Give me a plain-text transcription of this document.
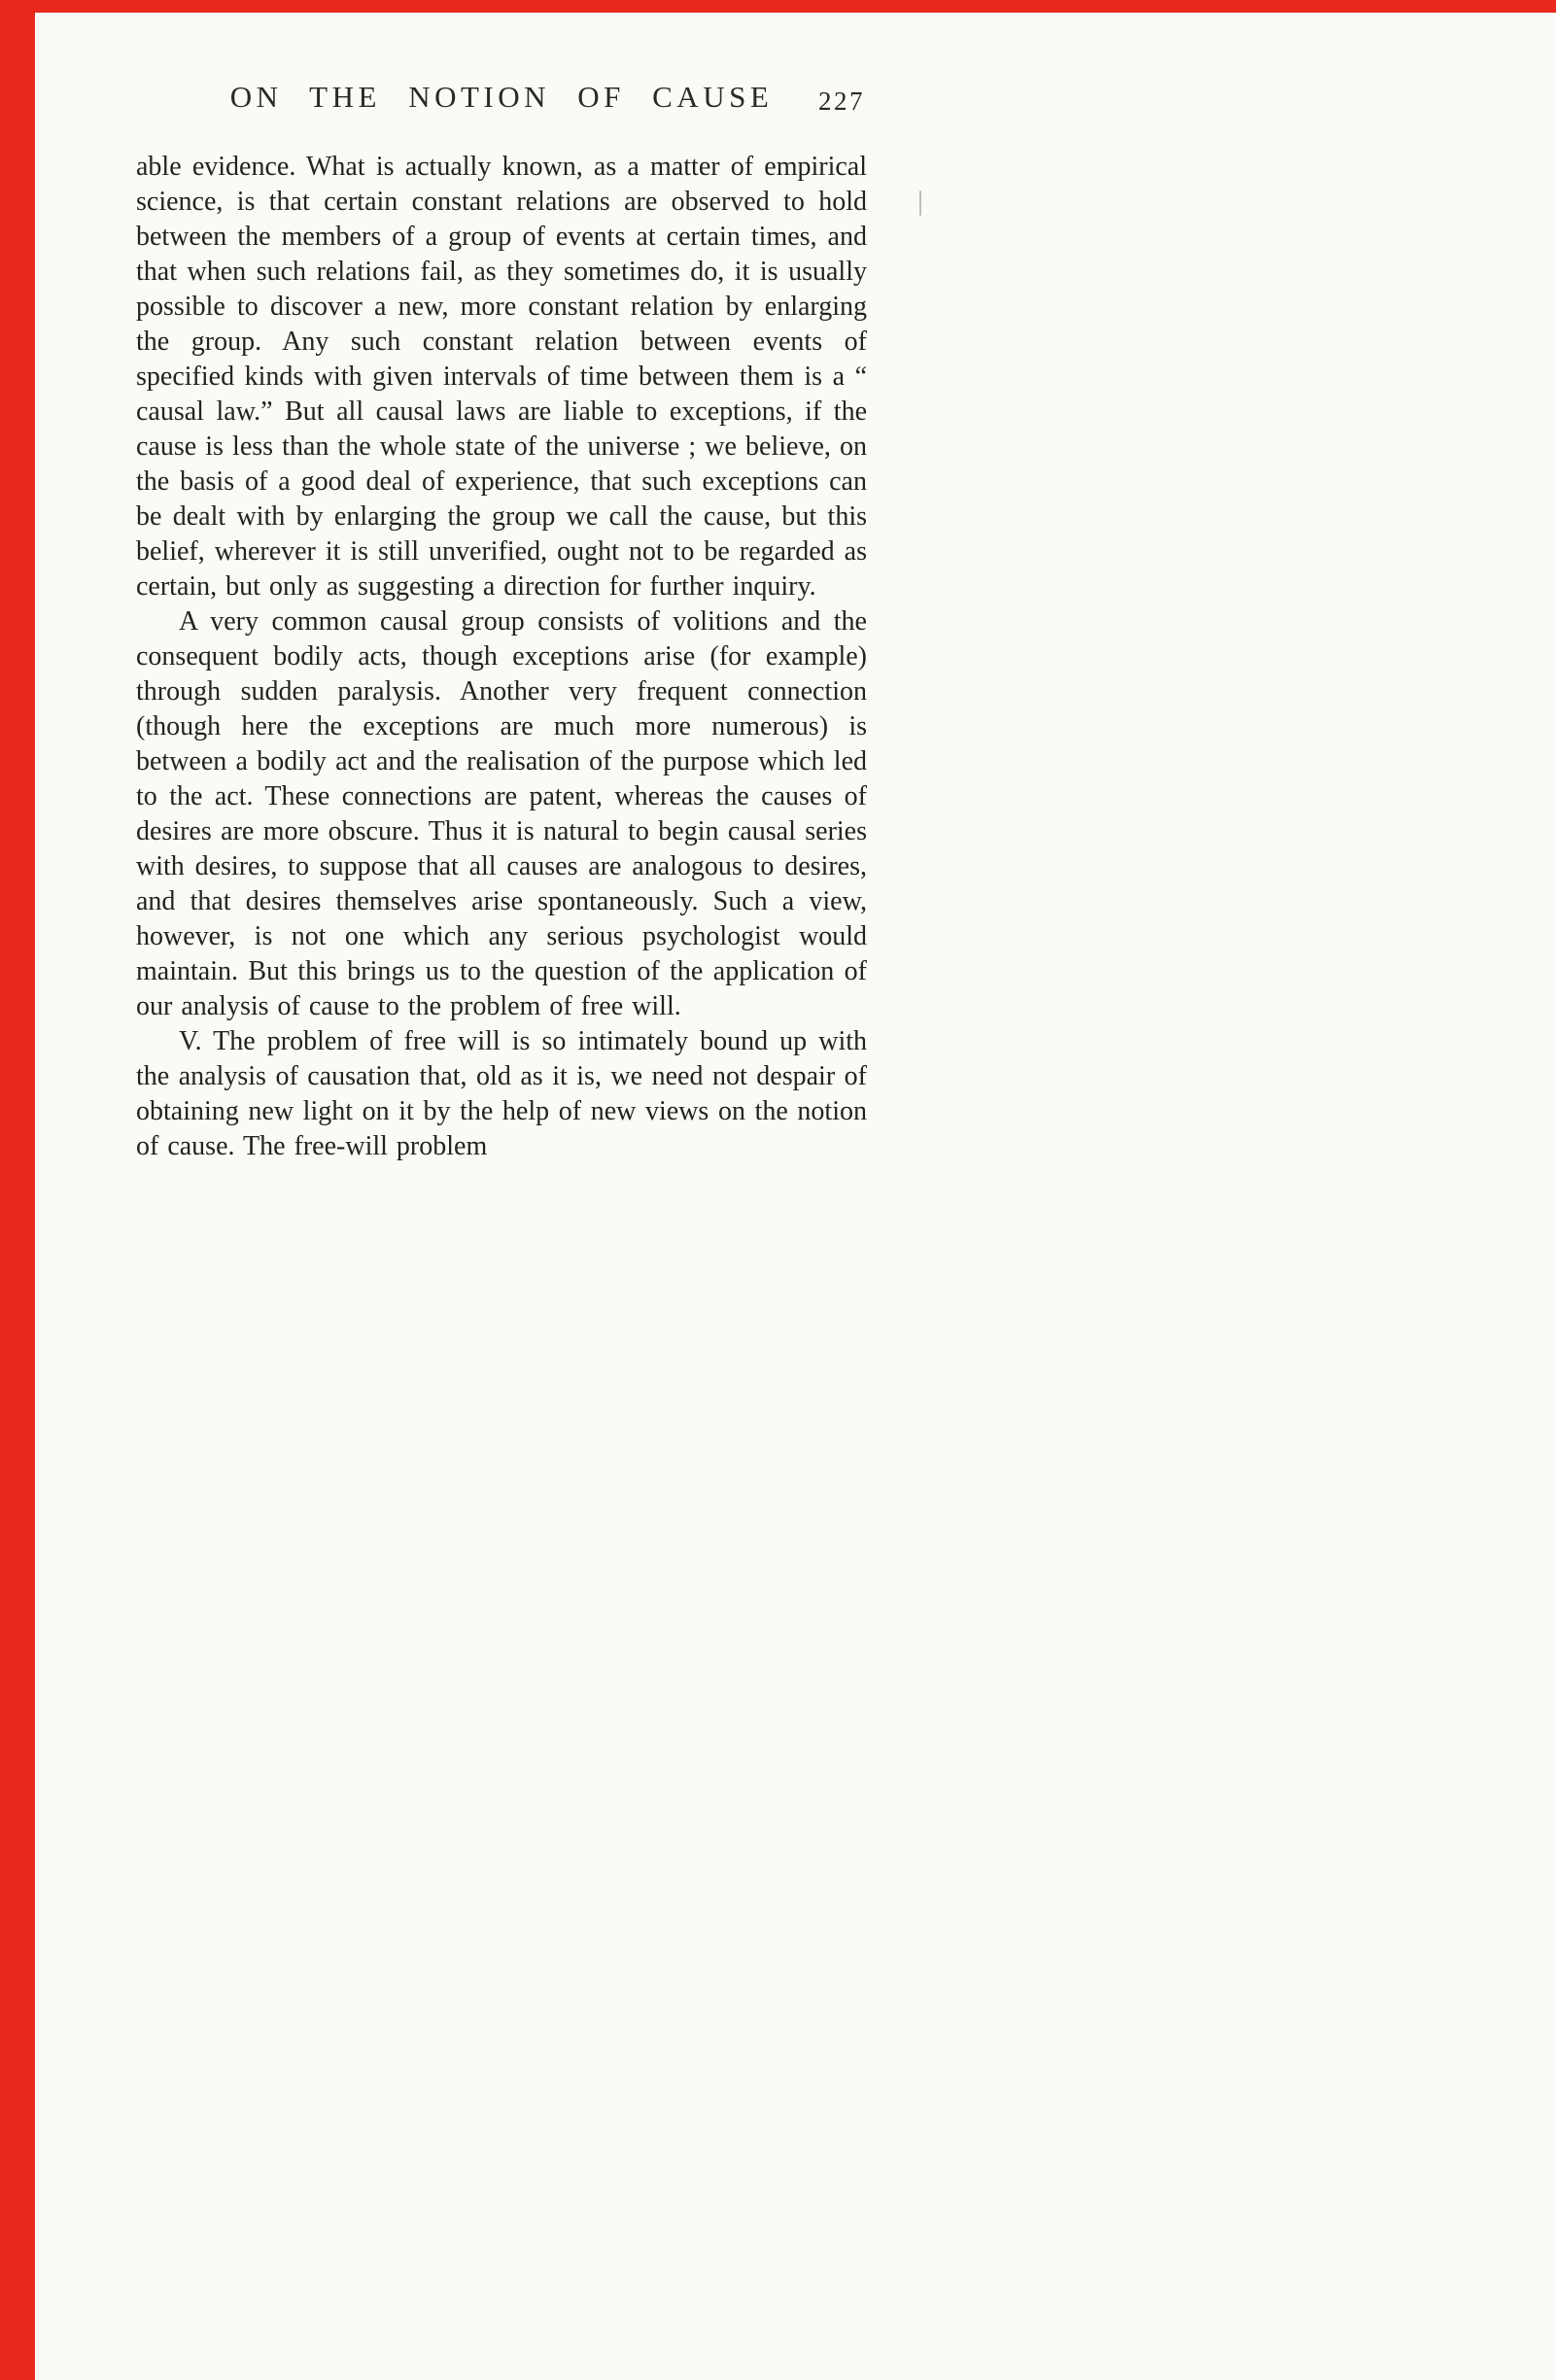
ON THE NOTION OF CAUSE	227

able evidence. What is actually known, as a matter of empirical science, is that certain constant relations are observed to hold between the members of a group of events at certain times, and that when such relations fail, as they sometimes do, it is usually possible to discover a new, more constant relation by enlarging the group. Any such constant relation between events of specified kinds with given intervals of time between them is a “ causal law.” But all causal laws are liable to exceptions, if the cause is less than the whole state of the universe ; we believe, on the basis of a good deal of experience, that such exceptions can be dealt with by enlarging the group we call the cause, but this belief, wherever it is still unverified, ought not to be regarded as certain, but only as suggesting a direction for further inquiry.

A very common causal group consists of volitions and the consequent bodily acts, though exceptions arise (for example) through sudden paralysis. Another very frequent connection (though here the exceptions are much more numerous) is between a bodily act and the realisation of the purpose which led to the act. These connections are patent, whereas the causes of desires are more obscure. Thus it is natural to begin causal series with desires, to suppose that all causes are analogous to desires, and that desires themselves arise spontaneously. Such a view, however, is not one which any serious psychologist would maintain. But this brings us to the question of the application of our analysis of cause to the problem of free will.

V. The problem of free will is so intimately bound up with the analysis of causation that, old as it is, we need not despair of obtaining new light on it by the help of new views on the notion of cause. The free-will problem
